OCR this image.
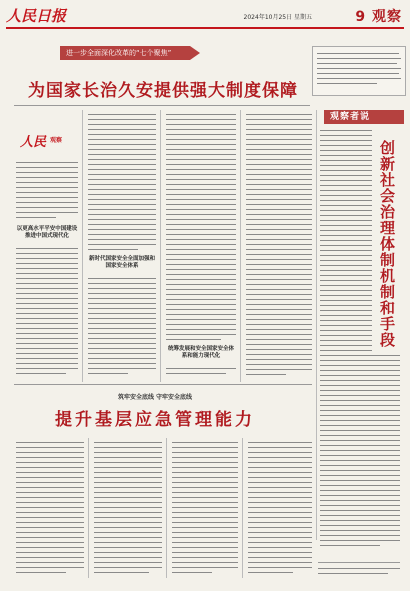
人民日报	2024年10月25日 星期五	9 观察
进一步全面深化改革的“七个聚焦”
为国家长治久安提供强大制度保障
人民 观察
以更高水平平安中国建设推进中国式现代化
新时代国家安全全面加强和国家安全体系
统筹发展和安全国家安全体系和能力现代化
观察者说
创新社会治理体制机制和手段
筑牢安全底线 守牢安全底线
提升基层应急管理能力
